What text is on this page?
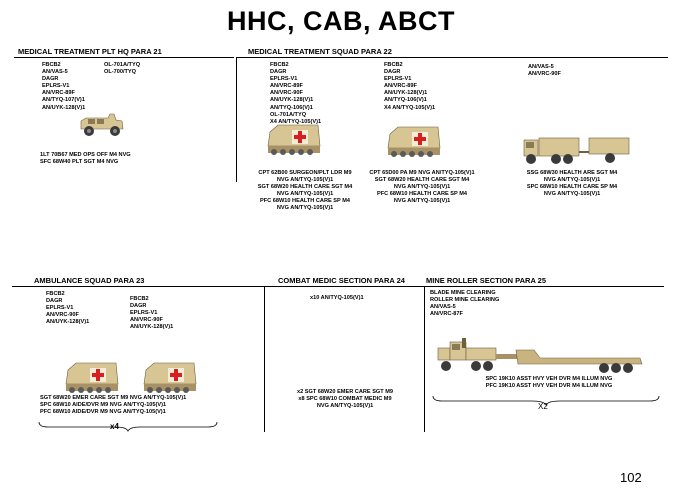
HHC, CAB, ABCT
MEDICAL TREATMENT PLT HQ PARA 21
FBCB2
AN/VAS-5
DAGR
EPLRS-V1
AN/VRC-89F
AN/TYQ-107(V)1
AN/UYK-128(V)1
OL-701A/TYQ
OL-700/TYQ
1LT 70B67 MED OPS OFF M4 NVG
SFC 68W40 PLT SGT M4 NVG
MEDICAL TREATMENT SQUAD PARA 22
FBCB2
DAGR
EPLRS-V1
AN/VRC-89F
AN/VRC-90F
AN/UYK-128(V)1
AN/TYQ-106(V)1
OL-701A/TYQ
X4 AN/TYQ-105(V)1
FBCB2
DAGR
EPLRS-V1
AN/VRC-89F
AN/UYK-128(V)1
AN/TYQ-106(V)1
X4 AN/TYQ-105(V)1
AN/VAS-5
AN/VRC-90F
CPT 62B00 SURGEON/PLT LDR M9
NVG AN/TYQ-105(V)1
SGT 68W20 HEALTH CARE SGT M4
NVG AN/TYQ-105(V)1
PFC 68W10 HEALTH CARE SP M4
NVG AN/TYQ-105(V)1
CPT 65D00 PA M9 NVG AN/TYQ-105(V)1
SGT 68W20 HEALTH CARE SGT M4
NVG AN/TYQ-105(V)1
PFC 68W10 HEALTH CARE SP M4
NVG AN/TYQ-105(V)1
SSG 68W30 HEALTH ARE SGT M4
NVG AN/TYQ-105(V)1
SPC 68W10 HEALTH CARE SP M4
NVG AN/TYQ-105(V)1
AMBULANCE SQUAD PARA 23
FBCB2
DAGR
EPLRS-V1
AN/VRC-90F
AN/UYK-128(V)1
FBCB2
DAGR
EPLRS-V1
AN/VRC-90F
AN/UYK-128(V)1
SGT 68W20 EMER CARE SGT M9 NVG AN/TYQ-105(V)1
SPC 68W10 AIDE/DVR M9 NVG AN/TYQ-105(V)1
PFC 68W10 AIDE/DVR M9 NVG AN/TYQ-105(V)1
x4
COMBAT MEDIC SECTION PARA 24
x10 AN/TYQ-105(V)1
x2 SGT 68W20 EMER CARE SGT M9
x8 SPC 68W10 COMBAT MEDIC M9
NVG AN/TYQ-105(V)1
MINE ROLLER SECTION PARA 25
BLADE MINE CLEARING
ROLLER MINE CLEARING
AN/VAS-5
AN/VRC-87F
SPC 19K10 ASST HVY VEH DVR M4 ILLUM NVG
PFC 19K10 ASST HVY VEH DVR M4 ILLUM NVG
X2
102
